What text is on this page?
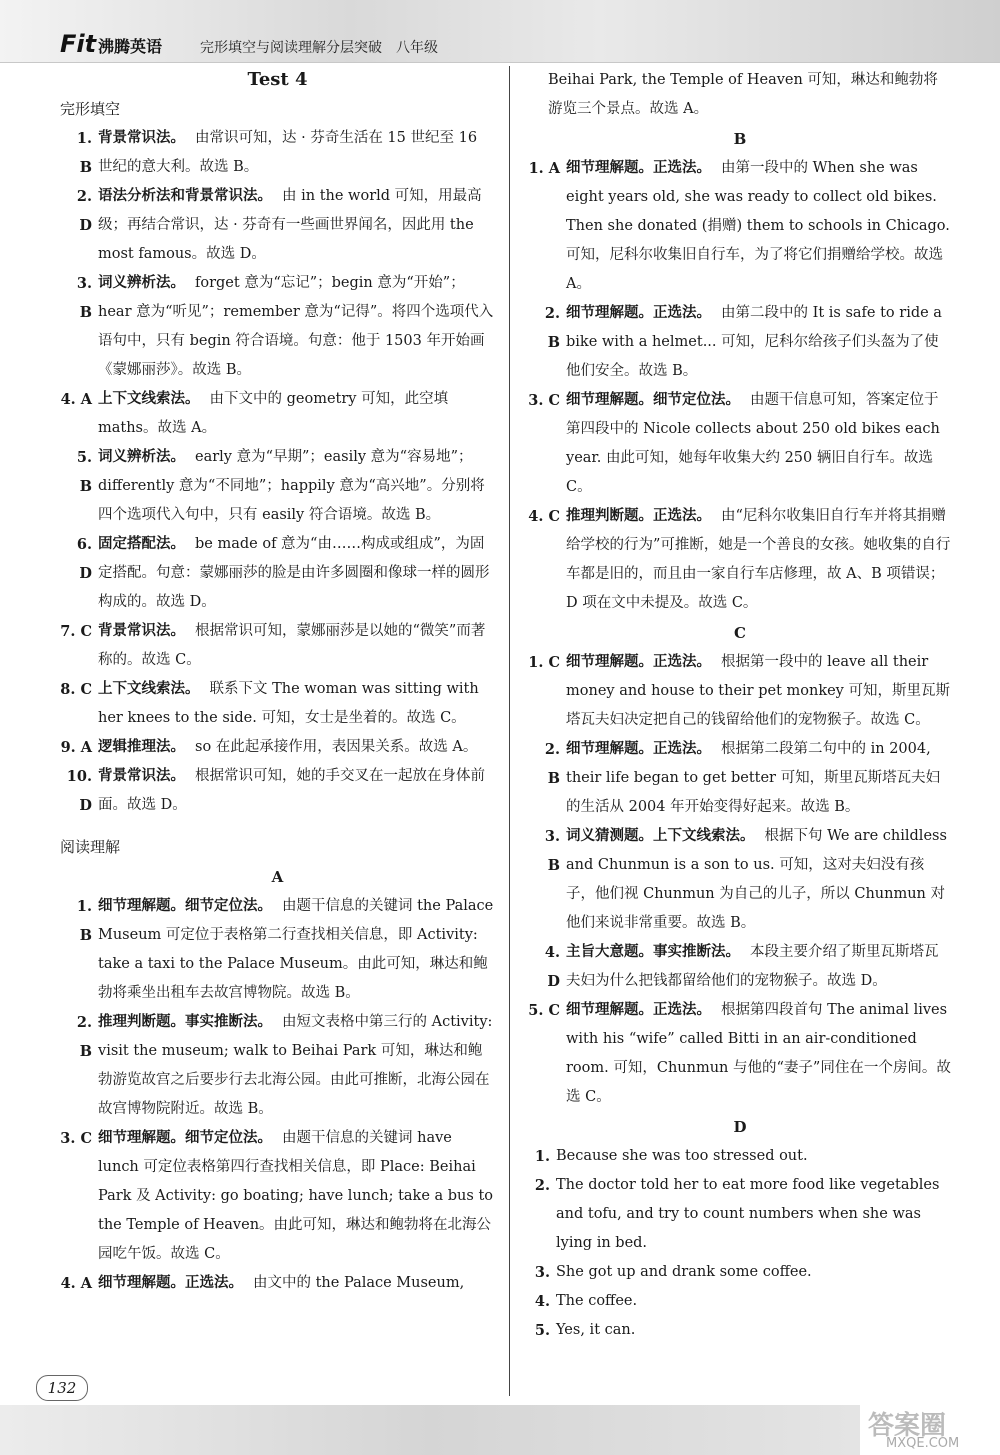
Fit 沸腾英语	完形填空与阅读理解分层突破　八年级

Test 4

完形填空

1. B
背景常识法。 由常识可知，达 · 芬奇生活在 15 世纪至 16 世纪的意大利。故选 B。
2. D
语法分析法和背景常识法。 由 in the world 可知，用最高级；再结合常识，达 · 芬奇有一些画世界闻名，因此用 the most famous。故选 D。
3. B
词义辨析法。 forget 意为“忘记”；begin 意为“开始”；hear 意为“听见”；remember 意为“记得”。将四个选项代入语句中，只有 begin 符合语境。句意：他于 1503 年开始画《蒙娜丽莎》。故选 B。
4. A 上下文线索法。 由下文中的 geometry 可知，此空填 maths。故选 A。
5. B
词义辨析法。 early 意为“早期”；easily 意为“容易地”；differently 意为“不同地”；happily 意为“高兴地”。分别将四个选项代入句中，只有 easily 符合语境。故选 B。
6. D
固定搭配法。 be made of 意为“由……构成或组成”，为固定搭配。句意：蒙娜丽莎的脸是由许多圆圈和像球一样的圆形构成的。故选 D。
7. C 背景常识法。 根据常识可知，蒙娜丽莎是以她的“微笑”而著称的。故选 C。
8. C 上下文线索法。 联系下文 The woman was sitting with her knees to the side. 可知，女士是坐着的。故选 C。
9. A 逻辑推理法。 so 在此起承接作用，表因果关系。故选 A。
10. D
背景常识法。 根据常识可知，她的手交叉在一起放在身体前面。故选 D。

阅读理解

A

1. B
细节理解题。细节定位法。 由题干信息的关键词 the Palace Museum 可定位于表格第二行查找相关信息，即 Activity: take a taxi to the Palace Museum。由此可知，琳达和鲍勃将乘坐出租车去故宫博物院。故选 B。
2. B
推理判断题。事实推断法。 由短文表格中第三行的 Activity: visit the museum; walk to Beihai Park 可知，琳达和鲍勃游览故宫之后要步行去北海公园。由此可推断，北海公园在故宫博物院附近。故选 B。
3. C 细节理解题。细节定位法。 由题干信息的关键词 have lunch 可定位表格第四行查找相关信息，即 Place: Beihai Park 及 Activity: go boating; have lunch; take a bus to the Temple of Heaven。由此可知，琳达和鲍勃将在北海公园吃午饭。故选 C。
4. A 细节理解题。正选法。 由文中的 the Palace Museum,

Beihai Park, the Temple of Heaven 可知，琳达和鲍勃将游览三个景点。故选 A。

B

1. A 细节理解题。正选法。 由第一段中的 When she was eight years old, she was ready to collect old bikes. Then she donated (捐赠) them to schools in Chicago. 可知，尼科尔收集旧自行车，为了将它们捐赠给学校。故选 A。
2. B
细节理解题。正选法。 由第二段中的 It is safe to ride a bike with a helmet... 可知，尼科尔给孩子们头盔为了使他们安全。故选 B。
3. C 细节理解题。细节定位法。 由题干信息可知，答案定位于第四段中的 Nicole collects about 250 old bikes each year. 由此可知，她每年收集大约 250 辆旧自行车。故选 C。
4. C 推理判断题。正选法。 由“尼科尔收集旧自行车并将其捐赠给学校的行为”可推断，她是一个善良的女孩。她收集的自行车都是旧的，而且由一家自行车店修理，故 A、B 项错误；D 项在文中未提及。故选 C。

C

1. C 细节理解题。正选法。 根据第一段中的 leave all their money and house to their pet monkey 可知，斯里瓦斯塔瓦夫妇决定把自己的钱留给他们的宠物猴子。故选 C。
2. B
细节理解题。正选法。 根据第二段第二句中的 in 2004, their life began to get better 可知，斯里瓦斯塔瓦夫妇的生活从 2004 年开始变得好起来。故选 B。
3. B
词义猜测题。上下文线索法。 根据下句 We are childless and Chunmun is a son to us. 可知，这对夫妇没有孩子，他们视 Chunmun 为自己的儿子，所以 Chunmun 对他们来说非常重要。故选 B。
4. D
主旨大意题。事实推断法。 本段主要介绍了斯里瓦斯塔瓦夫妇为什么把钱都留给他们的宠物猴子。故选 D。
5. C 细节理解题。正选法。 根据第四段首句 The animal lives with his “wife” called Bitti in an air-conditioned room. 可知，Chunmun 与他的“妻子”同住在一个房间。故选 C。

D

1. Because she was too stressed out.
2. The doctor told her to eat more food like vegetables and tofu, and try to count numbers when she was lying in bed.
3. She got up and drank some coffee.
4. The coffee.
5. Yes, it can.
132
答案圈
MXQE.COM
